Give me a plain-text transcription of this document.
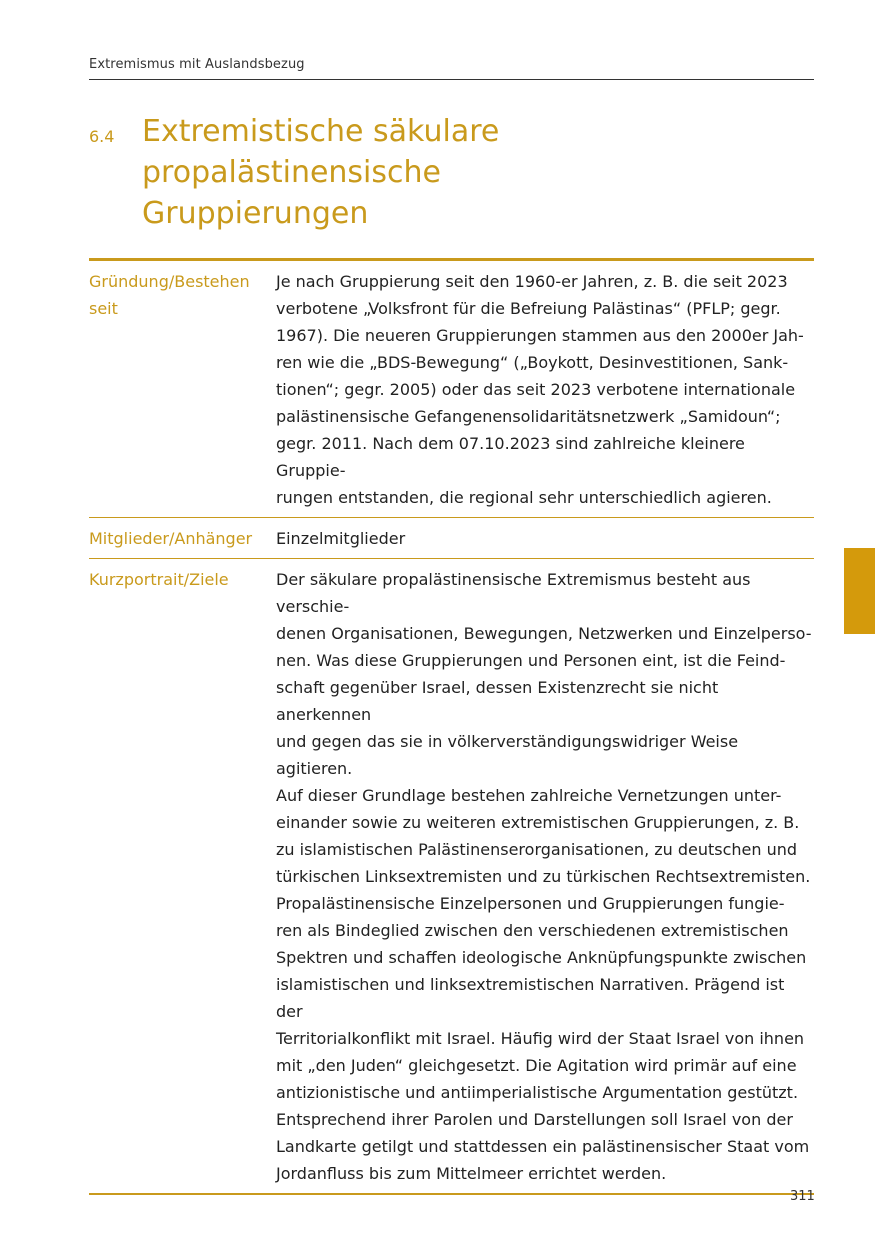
Extremismus mit Auslandsbezug
6.4 Extremistische säkulare
propalästinensische
Gruppierungen
Gründung/Bestehen
seit
Je nach Gruppierung seit den 1960-er Jahren, z. B. die seit 2023
verbotene „Volksfront für die Befreiung Palästinas“ (PFLP; gegr.
1967). Die neueren Gruppierungen stammen aus den 2000er Jah-
ren wie die „BDS-Bewegung“ („Boykott, Desinvestitionen, Sank-
tionen“; gegr. 2005) oder das seit 2023 verbotene internationale
palästinensische Gefangenensolidaritätsnetzwerk „Samidoun“;
gegr. 2011. Nach dem 07.10.2023 sind zahlreiche kleinere Gruppie-
rungen entstanden, die regional sehr unterschiedlich agieren.
Mitglieder/Anhänger	Einzelmitglieder
Kurzportrait/Ziele	Der säkulare propalästinensische Extremismus besteht aus verschie-
denen Organisationen, Bewegungen, Netzwerken und Einzelperso-
nen. Was diese Gruppierungen und Personen eint, ist die Feind-
schaft gegenüber Israel, dessen Existenzrecht sie nicht anerkennen
und gegen das sie in völkerverständigungswidriger Weise agitieren.
Auf dieser Grundlage bestehen zahlreiche Vernetzungen unter-
einander sowie zu weiteren extremistischen Gruppierungen, z. B.
zu islamistischen Palästinenserorganisationen, zu deutschen und
türkischen Linksextremisten und zu türkischen Rechtsextremisten.
Propalästinensische Einzelpersonen und Gruppierungen fungie-
ren als Bindeglied zwischen den verschiedenen extremistischen
Spektren und schaffen ideologische Anknüpfungspunkte zwischen
islamistischen und linksextremistischen Narrativen. Prägend ist der
Territorialkonflikt mit Israel. Häufig wird der Staat Israel von ihnen
mit „den Juden“ gleichgesetzt. Die Agitation wird primär auf eine
antizionistische und antiimperialistische Argumentation gestützt.
Entsprechend ihrer Parolen und Darstellungen soll Israel von der
Landkarte getilgt und stattdessen ein palästinensischer Staat vom
Jordanfluss bis zum Mittelmeer errichtet werden.
311
